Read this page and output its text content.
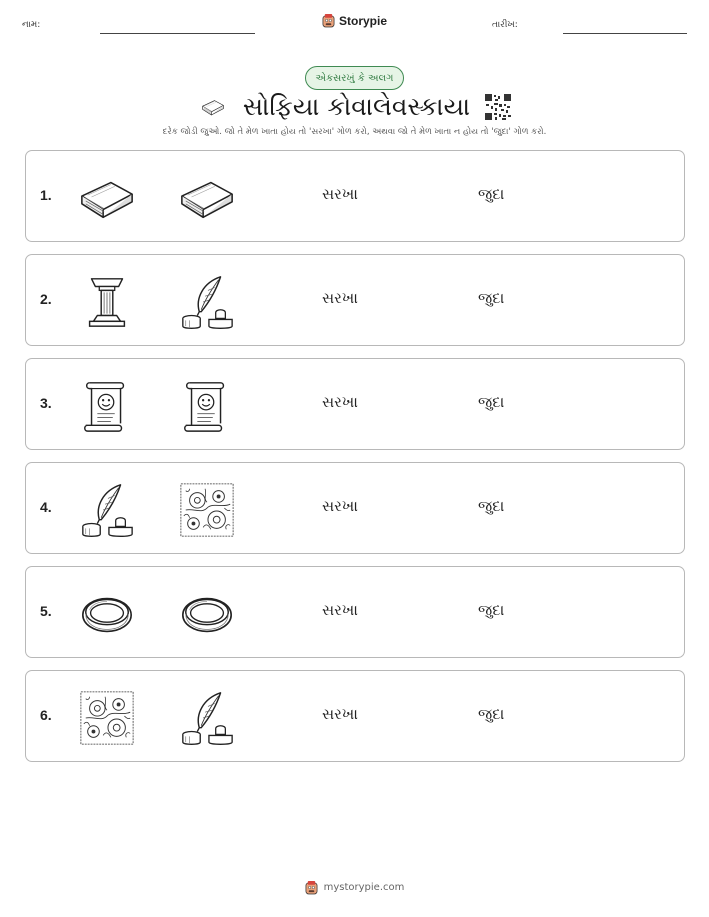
નામ:	Storypie	તારીખ:
એકસરખું કે અલગ
સોફિયા કોવાલેવસ્કાયા
દરેક જોડી જુઓ. જો તે મેળ ખાતા હોય તો 'સરખા' ગોળ કરો, અથવા જો તે મેળ ખાતા ન હોય તો 'જુદા' ગોળ કરો.
1.	સરખા	જુદા
2.	સરખા	જુદા
3.	સરખા	જુદા
4.	સરખા	જુદા
5.	સરખા	જુદા
6.	સરખા	જુદા
mystorypie.com
